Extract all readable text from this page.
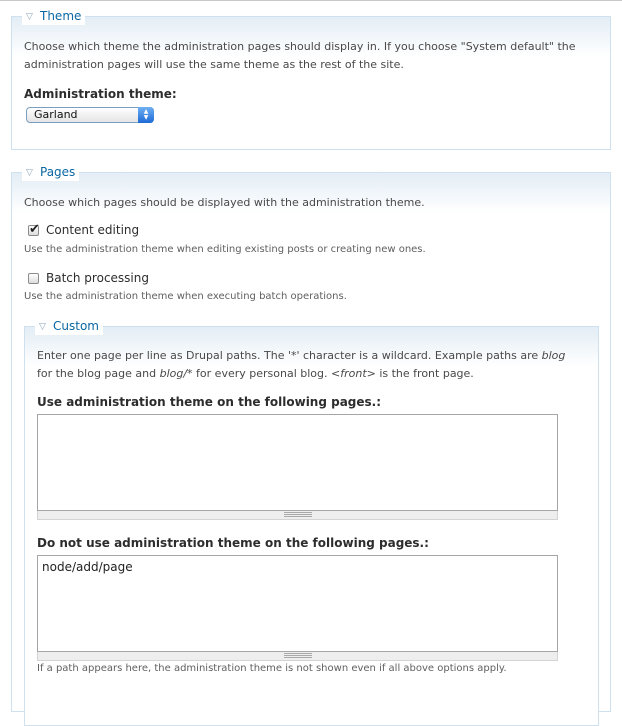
▽ Theme
Choose which theme the administration pages should display in. If you choose "System default" the administration pages will use the same theme as the rest of the site.
Administration theme:
Garland	▲
▼
▽ Pages
Choose which pages should be displayed with the administration theme.
✔ Content editing
Use the administration theme when editing existing posts or creating new ones.
Batch processing
Use the administration theme when executing batch operations.
▽ Custom
Enter one page per line as Drupal paths. The '*' character is a wildcard. Example paths are blog for the blog page and blog/* for every personal blog. <front> is the front page.
Use administration theme on the following pages.:
Do not use administration theme on the following pages.:
node/add/page
If a path appears here, the administration theme is not shown even if all above options apply.
